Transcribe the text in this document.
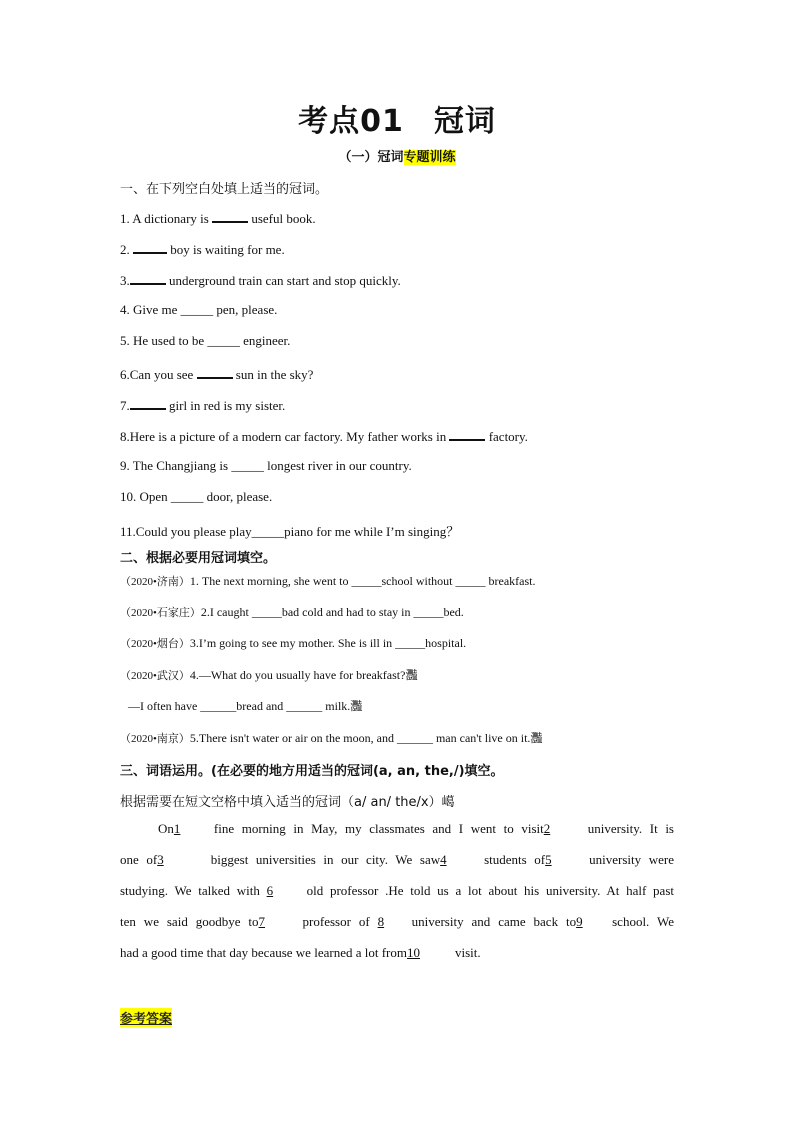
考点01 冠词
（一）冠词专题训练
一、在下列空白处填上适当的冠词。
1. A dictionary is	useful book.
2.	boy is waiting for me.
3.	underground train can start and stop quickly.
4. Give me _____ pen, please.
5. He used to be _____ engineer.
6.Can you see	sun in the sky?
7.	girl in red is my sister.
8.Here is a picture of a modern car factory. My father works in	factory.
9. The Changjiang is _____ longest river in our country.
10. Open _____ door, please.
11.Could you please play_____piano for me while I’m singing？
二、根据必要用冠词填空。
（2020•济南）1. The next morning, she went to _____school without _____ breakfast.
（2020•石家庄）2.I caught _____bad cold and had to stay in _____bed.
（2020•烟台）3.I’m going to see my mother. She is ill in _____hospital.
（2020•武汉）4.—What do you usually have for breakfast?灩
—I often have ______bread and ______ milk.灩
（2020•南京）5.There isn't water or air on the moon, and ______ man can't live on it.灩
三、词语运用。(在必要的地方用适当的冠词(a, an, the,/)填空。
根据需要在短文空格中填入适当的冠词（a/ an/ the/x）嶱
On1	fine morning in May, my classmates and I went to visit2	university. It is
one of3	biggest universities in our city. We saw4	students of5	university were
studying. We talked with 6	old professor .He told us a lot about his university. At half past
ten we said goodbye to7	professor of 8 university and came back to9 school. We
had a good time that day because we learned a lot from10	visit.
参考答案
